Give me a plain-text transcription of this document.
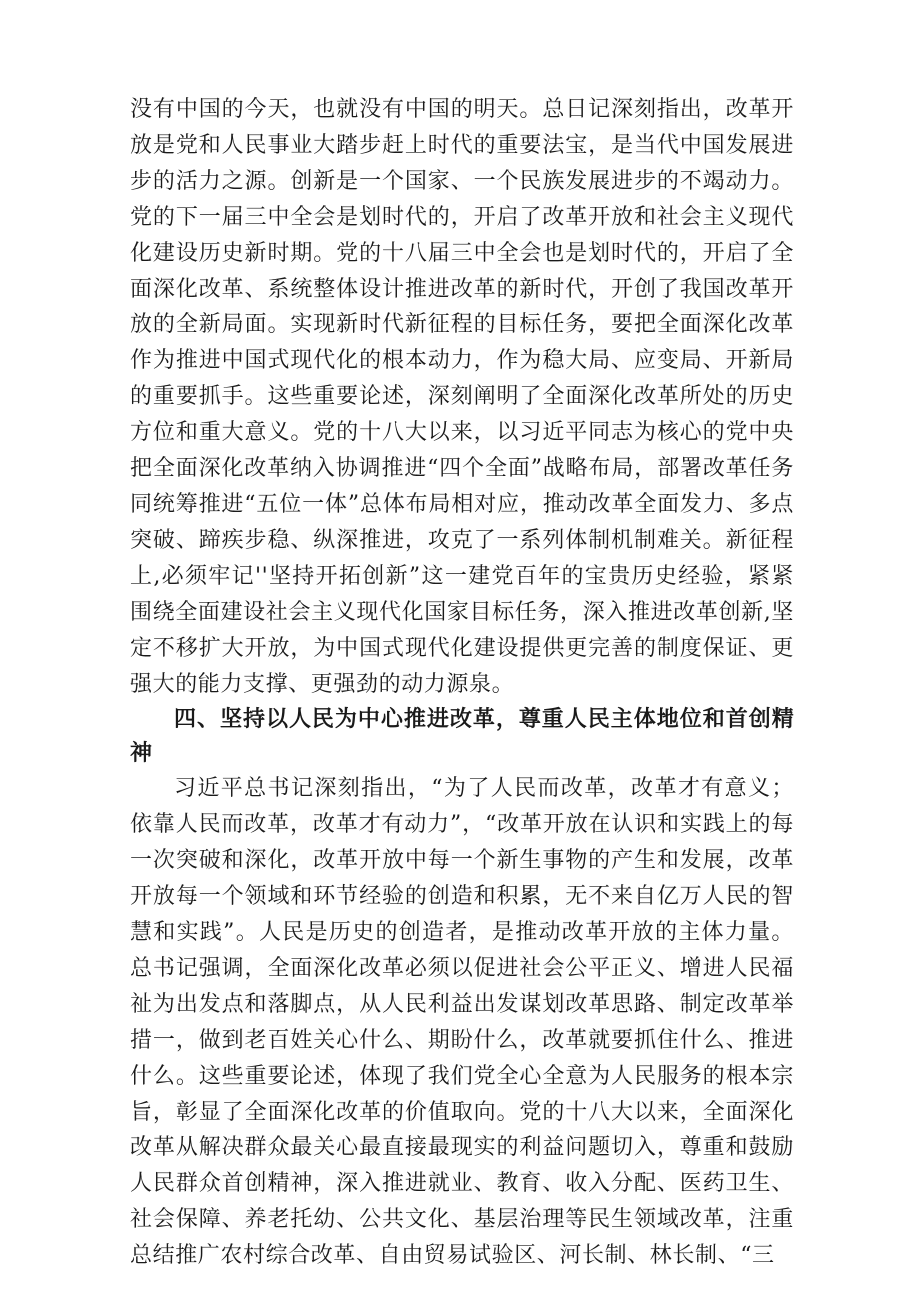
没有中国的今天，也就没有中国的明天。总日记深刻指出，改革开放是党和人民事业大踏步赶上时代的重要法宝，是当代中国发展进步的活力之源。创新是一个国家、一个民族发展进步的不竭动力。党的下一届三中全会是划时代的，开启了改革开放和社会主义现代化建设历史新时期。党的十八届三中全会也是划时代的，开启了全面深化改革、系统整体设计推进改革的新时代，开创了我国改革开放的全新局面。实现新时代新征程的目标任务，要把全面深化改革作为推进中国式现代化的根本动力，作为稳大局、应变局、开新局的重要抓手。这些重要论述，深刻阐明了全面深化改革所处的历史方位和重大意义。党的十八大以来，以习近平同志为核心的党中央把全面深化改革纳入协调推进“四个全面”战略布局，部署改革任务同统筹推进“五位一体”总体布局相对应，推动改革全面发力、多点突破、蹄疾步稳、纵深推进，攻克了一系列体制机制难关。新征程上,必须牢记''坚持开拓创新”这一建党百年的宝贵历史经验，紧紧围绕全面建设社会主义现代化国家目标任务，深入推进改革创新,坚定不移扩大开放，为中国式现代化建设提供更完善的制度保证、更强大的能力支撑、更强劲的动力源泉。

四、坚持以人民为中心推进改革，尊重人民主体地位和首创精神

习近平总书记深刻指出，“为了人民而改革，改革才有意义；依靠人民而改革，改革才有动力”，“改革开放在认识和实践上的每一次突破和深化，改革开放中每一个新生事物的产生和发展，改革开放每一个领域和环节经验的创造和积累，无不来自亿万人民的智慧和实践”。人民是历史的创造者，是推动改革开放的主体力量。总书记强调，全面深化改革必须以促进社会公平正义、增进人民福祉为出发点和落脚点，从人民利益出发谋划改革思路、制定改革举措一，做到老百姓关心什么、期盼什么，改革就要抓住什么、推进什么。这些重要论述，体现了我们党全心全意为人民服务的根本宗旨，彰显了全面深化改革的价值取向。党的十八大以来，全面深化改革从解决群众最关心最直接最现实的利益问题切入，尊重和鼓励人民群众首创精神，深入推进就业、教育、收入分配、医药卫生、社会保障、养老托幼、公共文化、基层治理等民生领域改革，注重总结推广农村综合改革、自由贸易试验区、河长制、林长制、“三
